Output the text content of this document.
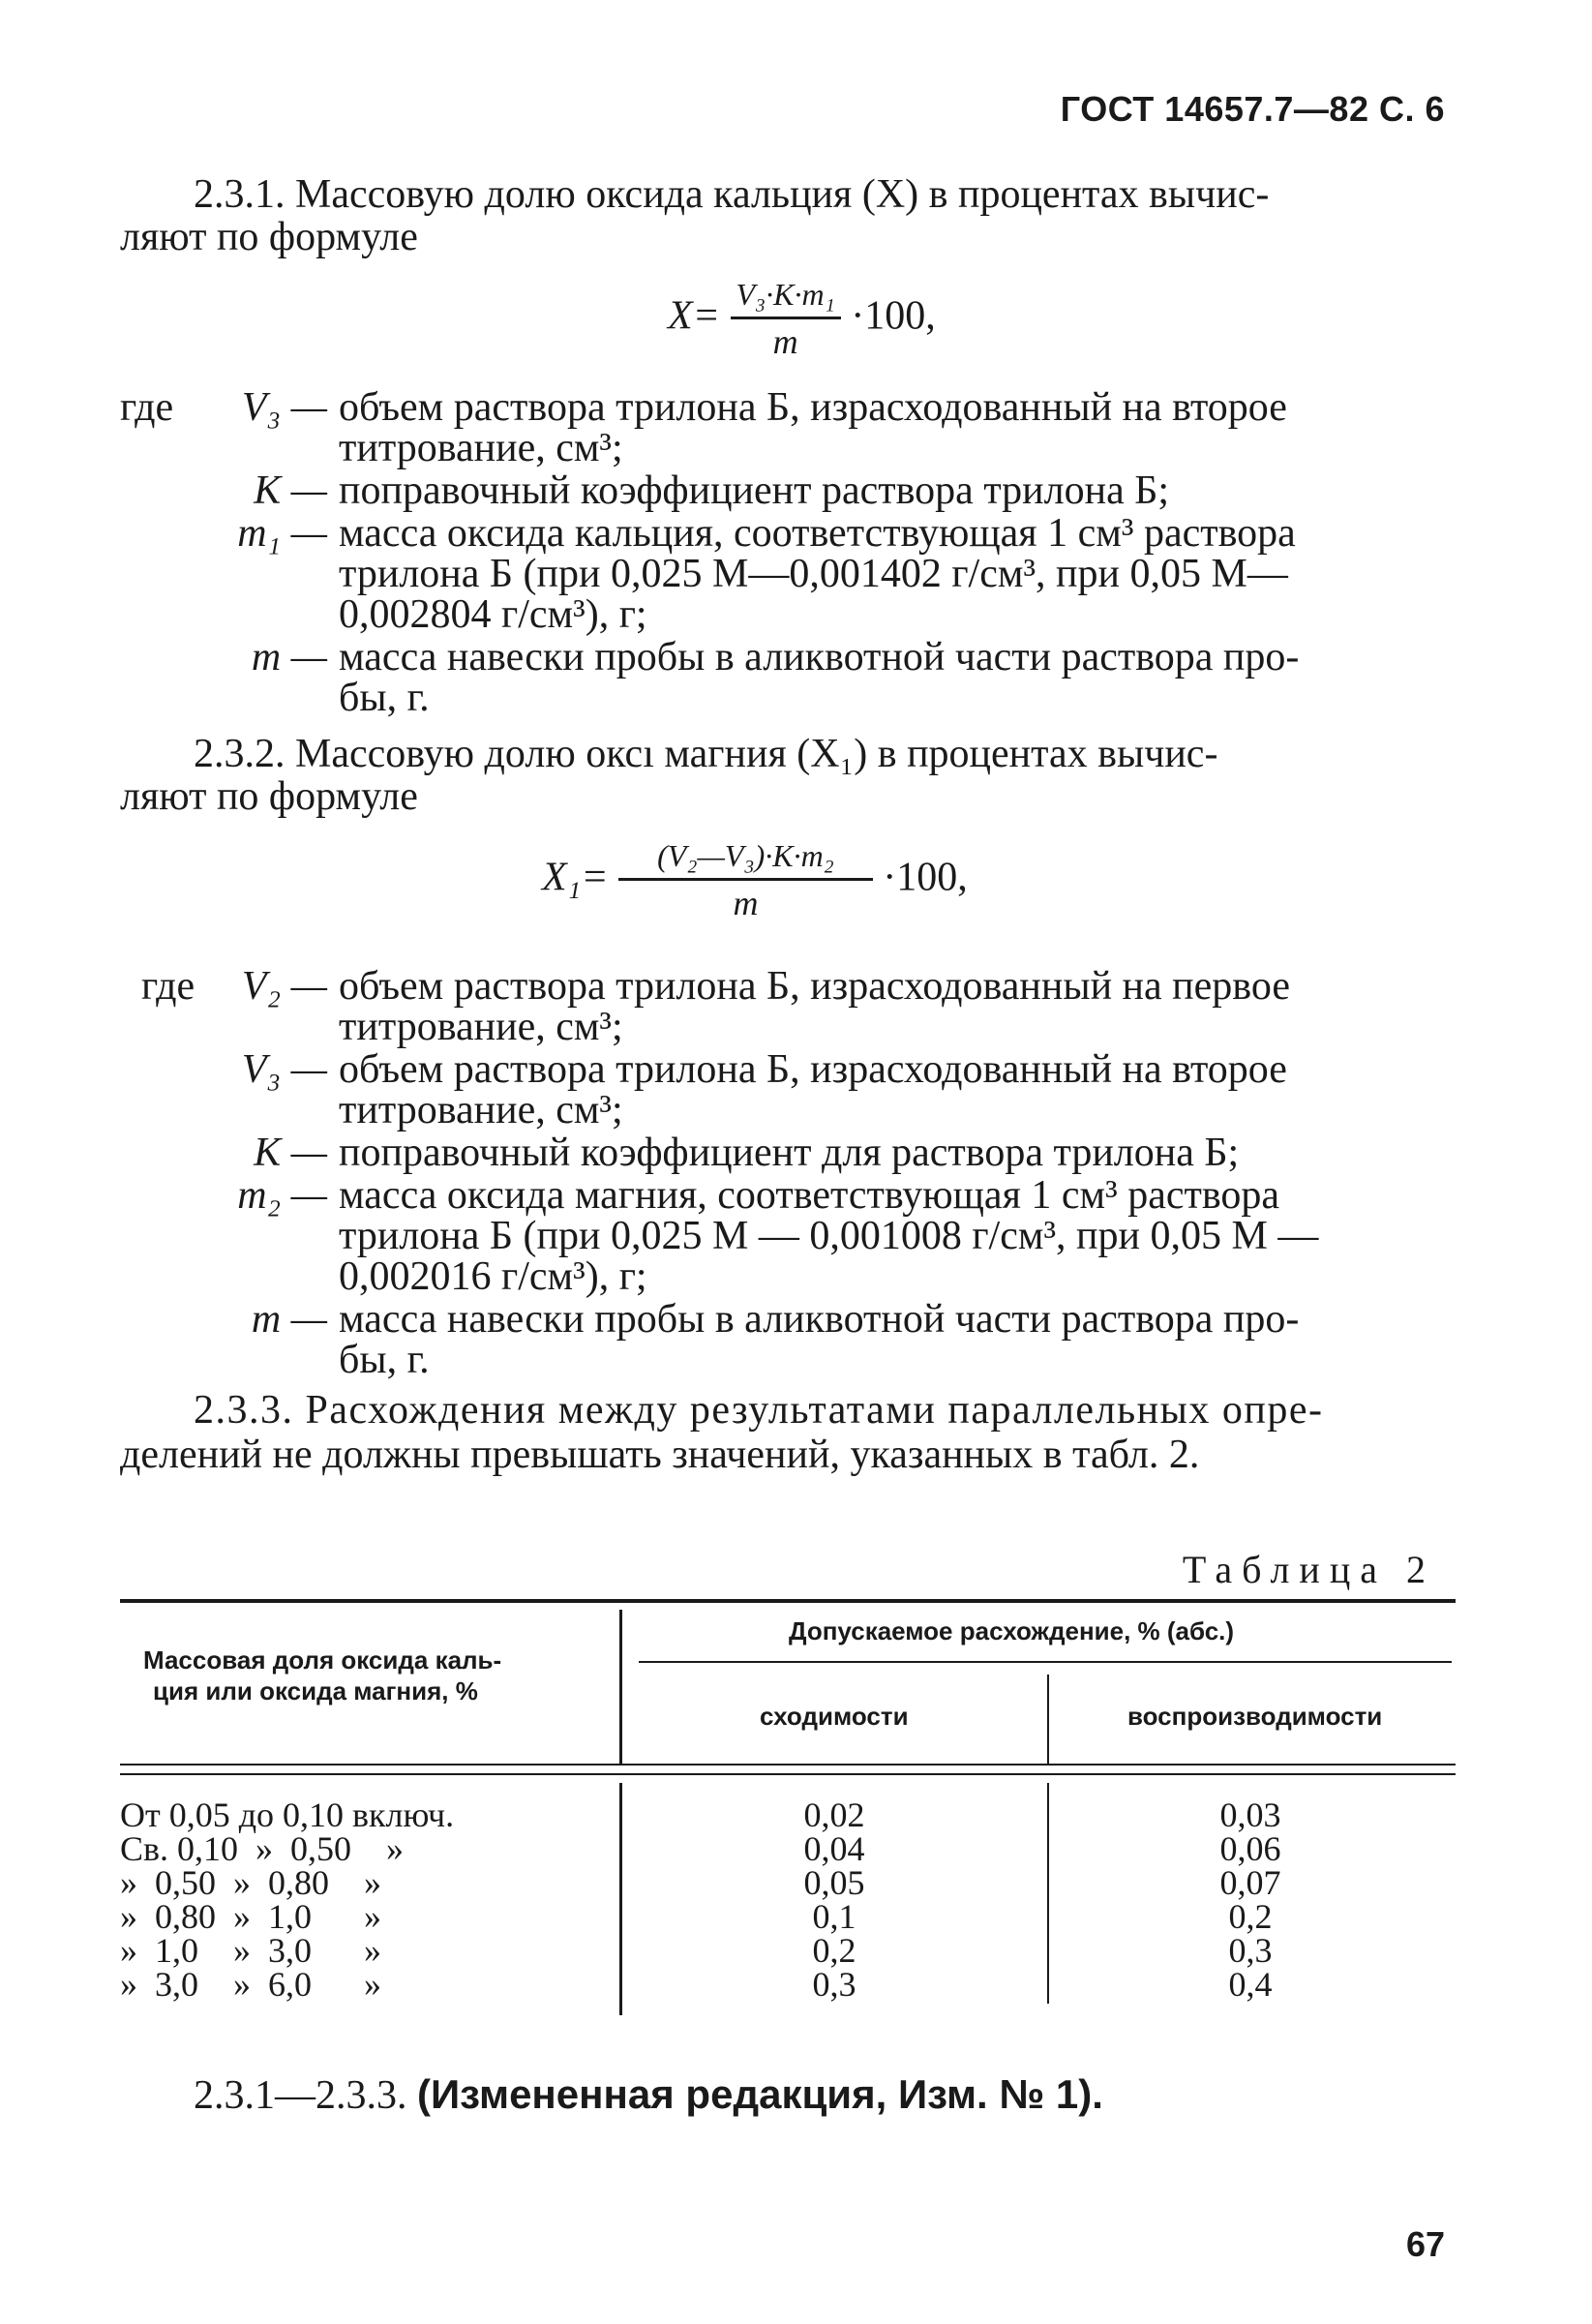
ГОСТ 14657.7—82 С. 6
2.3.1. Массовую долю оксида кальция (X) в процентах вычис-
ляют по формуле
$X= \frac{\text{V₃·K·m₁}}{m} \cdot 100$,
где	V₃ — объем раствора трилона Б, израсходованный на второе
титрование, см³;
K — поправочный коэффициент раствора трилона Б;
m₁ — масса оксида кальция, соответствующая 1 см³ раствора
трилона Б (при 0,025 М—0,001402 г/см³, при 0,05 М—
0,002804 г/см³), г;
m — масса навески пробы в аликвотной части раствора про-
бы, г.
2.3.2. Массовую долю оксı магния (X₁) в процентах вычис-
ляют по формуле
$X_1= \frac{\text{(V₂—V₃)·K·m₂}}{m} \cdot 100$,
где	V₂ — объем раствора трилона Б, израсходованный на первое
титрование, см³;
V₃ — объем раствора трилона Б, израсходованный на второе
титрование, см³;
K — поправочный коэффициент для раствора трилона Б;
m₂ — масса оксида магния, соответствующая 1 см³ раствора
трилона Б (при 0,025 М — 0,001008 г/см³, при 0,05 М —
0,002016 г/см³), г;
m — масса навески пробы в аликвотной части раствора про-
бы, г.
2.3.3. Расхождения между результатами параллельных опре-
делений не должны превышать значений, указанных в табл. 2.
Таблица 2
Массовая доля оксида каль-
ция или оксида магния, %
Допускаемое расхождение, % (абс.)
сходимости	воспроизводимости
От 0,05 до 0,10 включ.	0,02	0,03
Св. 0,10  »  0,50    »	0,04	0,06
»  0,50  »  0,80    »	0,05	0,07
»  0,80  »  1,0      »	0,1	0,2
»  1,0    »  3,0      »	0,2	0,3
»  3,0    »  6,0      »	0,3	0,4
2.3.1—2.3.3. (Измененная редакция, Изм. № 1).
67
